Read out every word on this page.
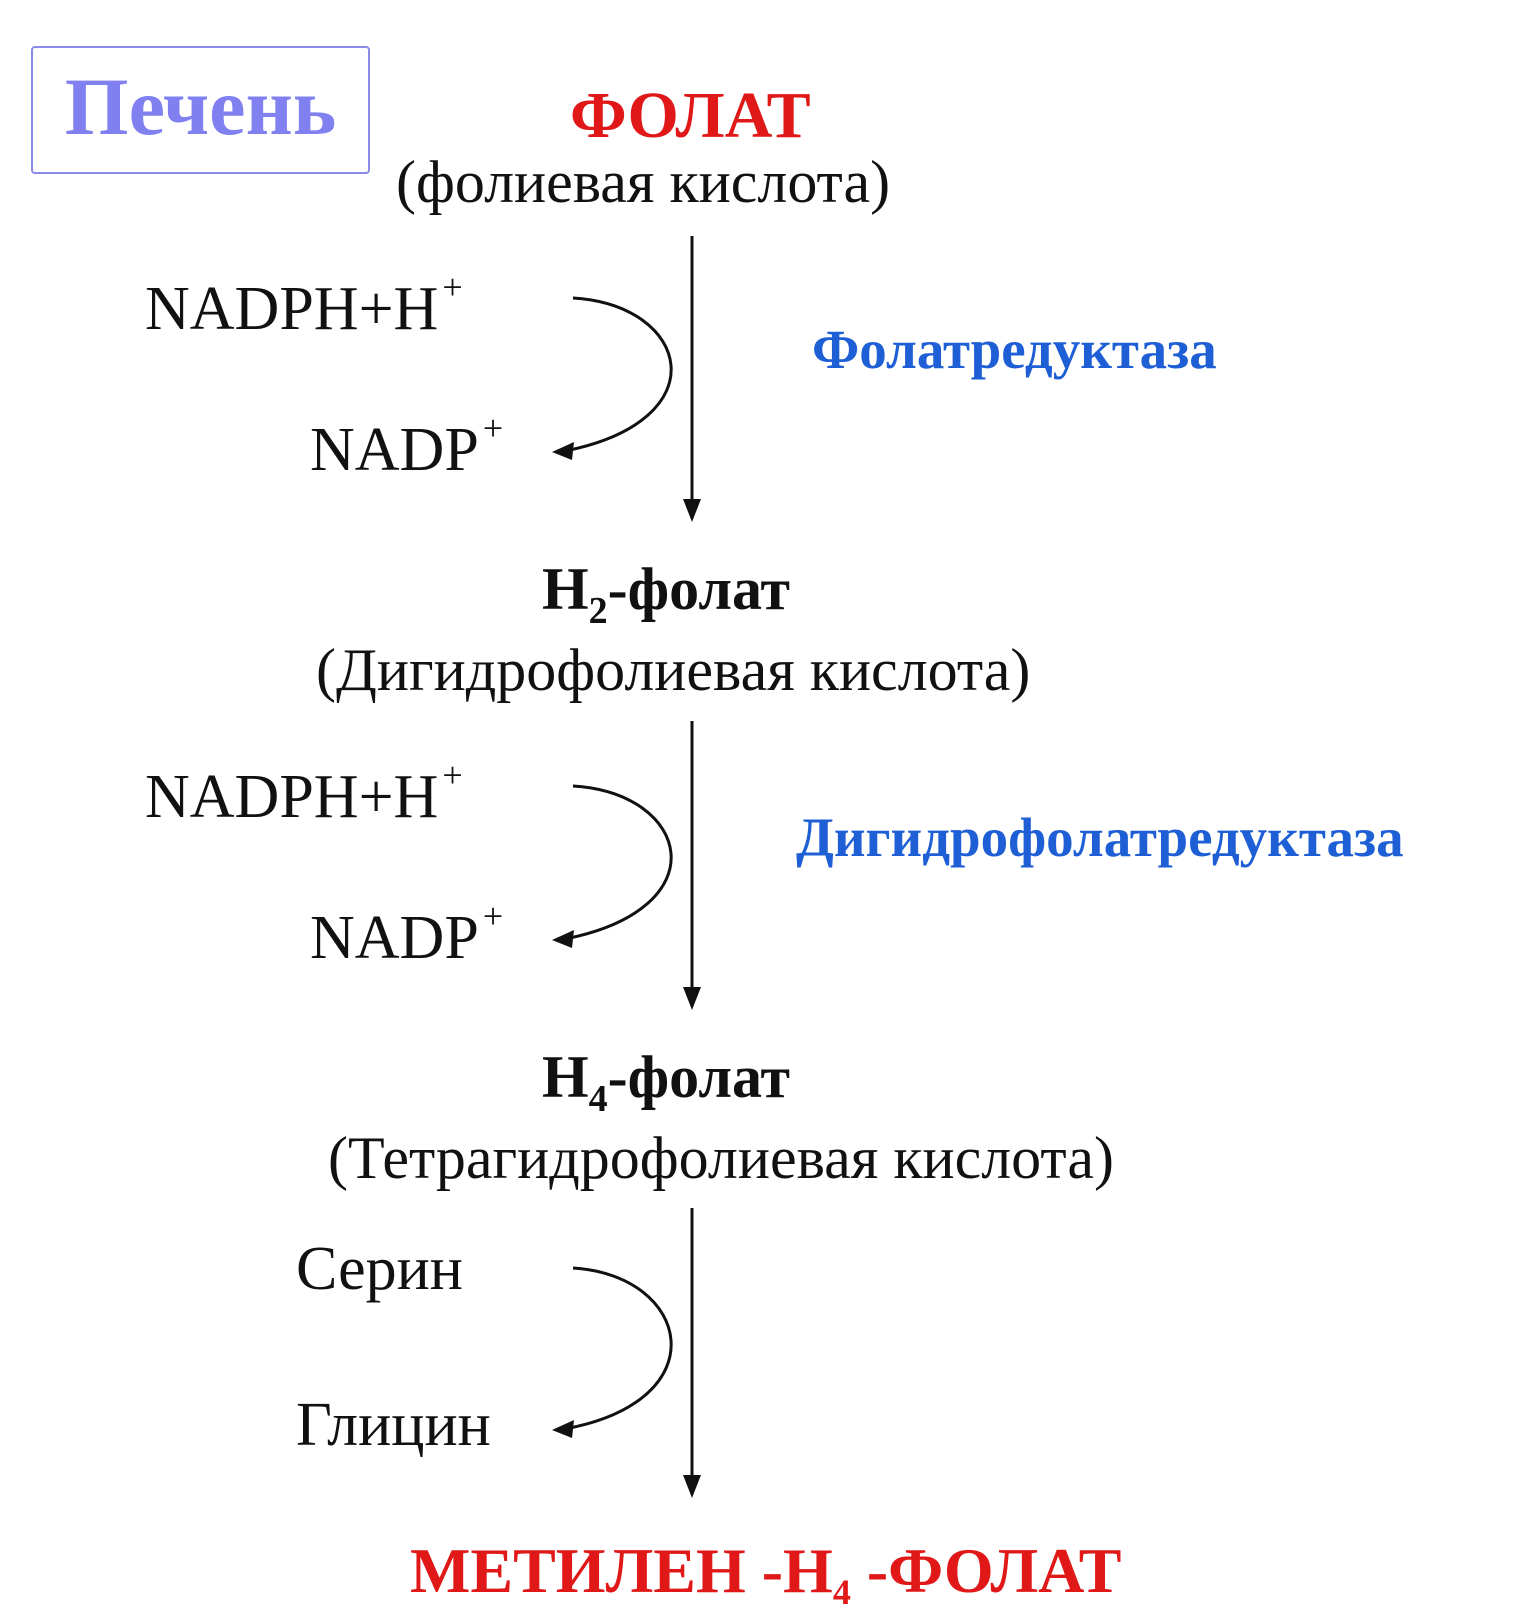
Печень	ФОЛАТ
(фолиевая кислота)
NADPH+H +
NADP +
Фолатредуктаза
$H_2$-фолат
(Дигидрофолиевая кислота)
NADPH+H +
NADP +
Дигидрофолатредуктаза
$H_4$-фолат
(Тетрагидрофолиевая кислота)
Серин
Глицин
МЕТИЛЕН $-Н_4$ -ФОЛАТ
